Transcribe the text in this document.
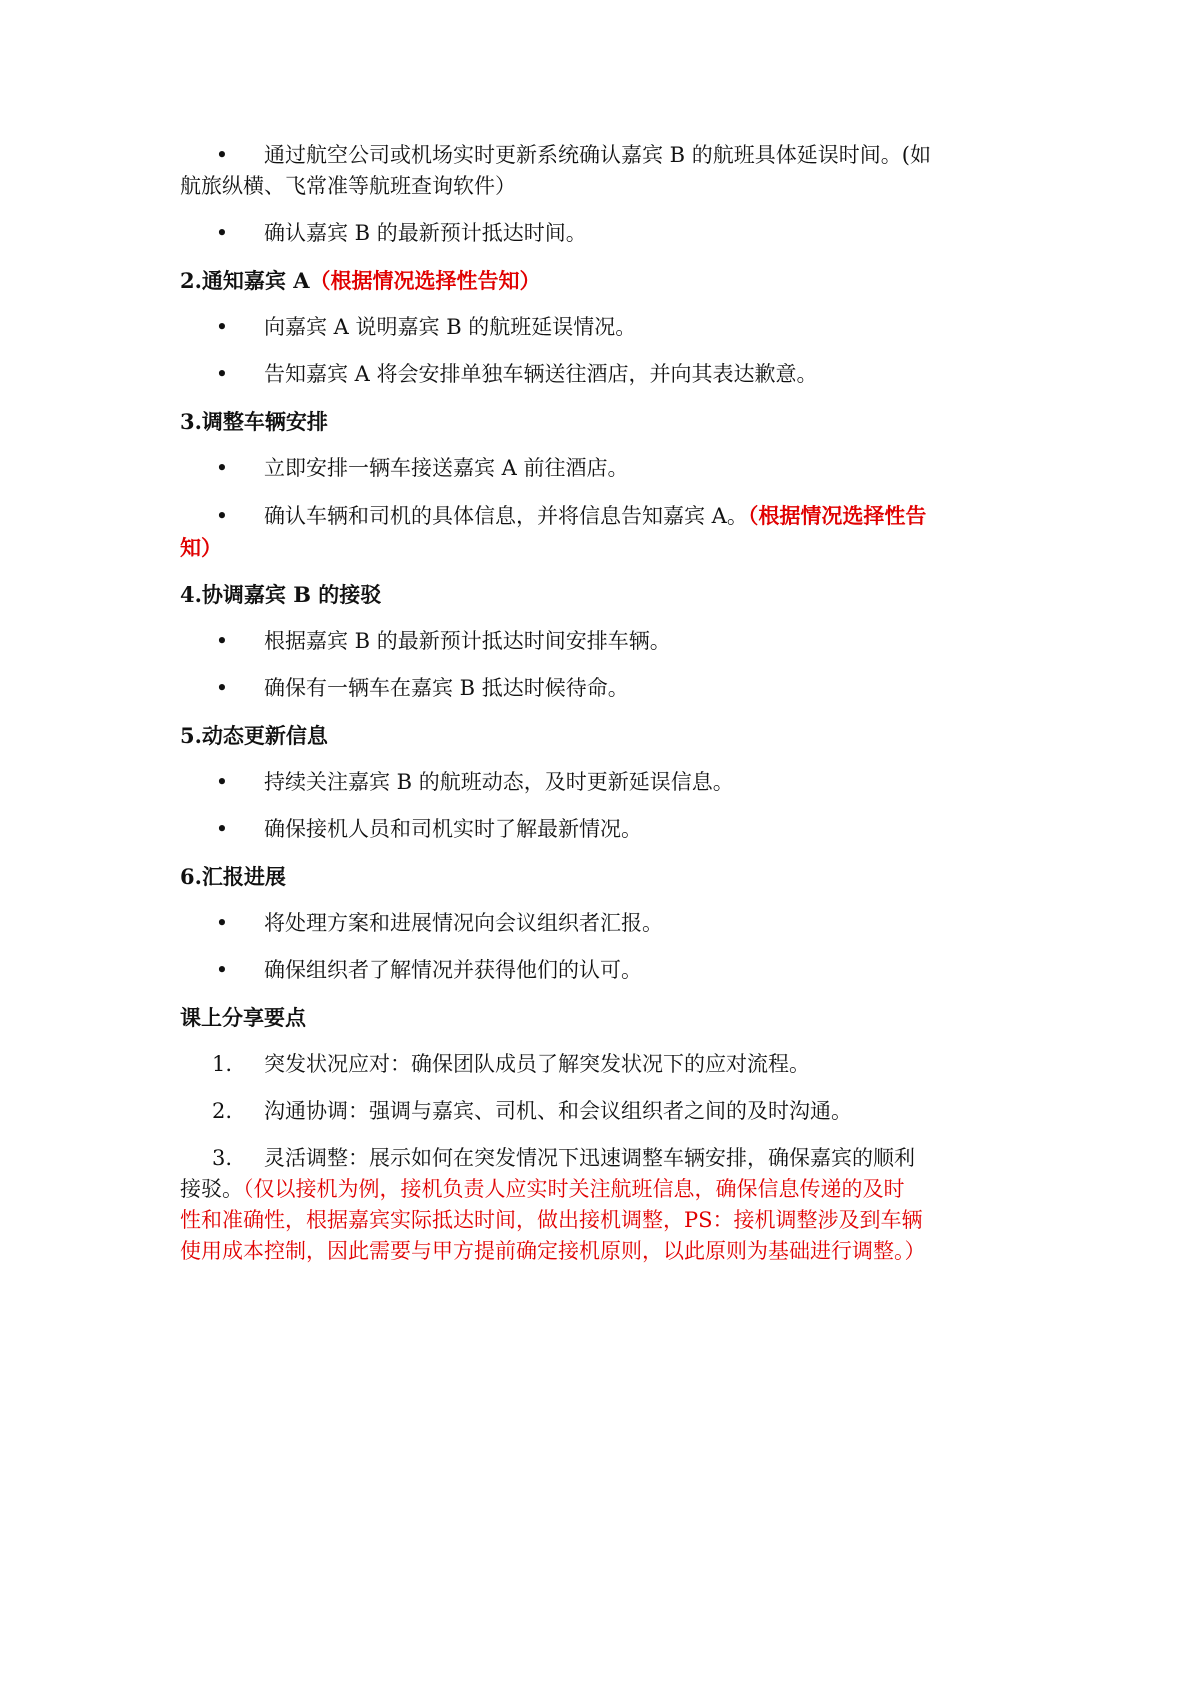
• 通过航空公司或机场实时更新系统确认嘉宾 B 的航班具体延误时间。(如
航旅纵横、飞常准等航班查询软件）
• 确认嘉宾 B 的最新预计抵达时间。
2.通知嘉宾 A（根据情况选择性告知）
• 向嘉宾 A 说明嘉宾 B 的航班延误情况。
• 告知嘉宾 A 将会安排单独车辆送往酒店，并向其表达歉意。
3.调整车辆安排
• 立即安排一辆车接送嘉宾 A 前往酒店。
• 确认车辆和司机的具体信息，并将信息告知嘉宾 A。（根据情况选择性告
知）
4.协调嘉宾 B 的接驳
• 根据嘉宾 B 的最新预计抵达时间安排车辆。
• 确保有一辆车在嘉宾 B 抵达时候待命。
5.动态更新信息
• 持续关注嘉宾 B 的航班动态，及时更新延误信息。
• 确保接机人员和司机实时了解最新情况。
6.汇报进展
• 将处理方案和进展情况向会议组织者汇报。
• 确保组织者了解情况并获得他们的认可。
课上分享要点
1. 突发状况应对：确保团队成员了解突发状况下的应对流程。
2. 沟通协调：强调与嘉宾、司机、和会议组织者之间的及时沟通。
3. 灵活调整：展示如何在突发情况下迅速调整车辆安排，确保嘉宾的顺利
接驳。（仅以接机为例，接机负责人应实时关注航班信息，确保信息传递的及时
性和准确性，根据嘉宾实际抵达时间，做出接机调整，PS：接机调整涉及到车辆
使用成本控制，因此需要与甲方提前确定接机原则，以此原则为基础进行调整。）
